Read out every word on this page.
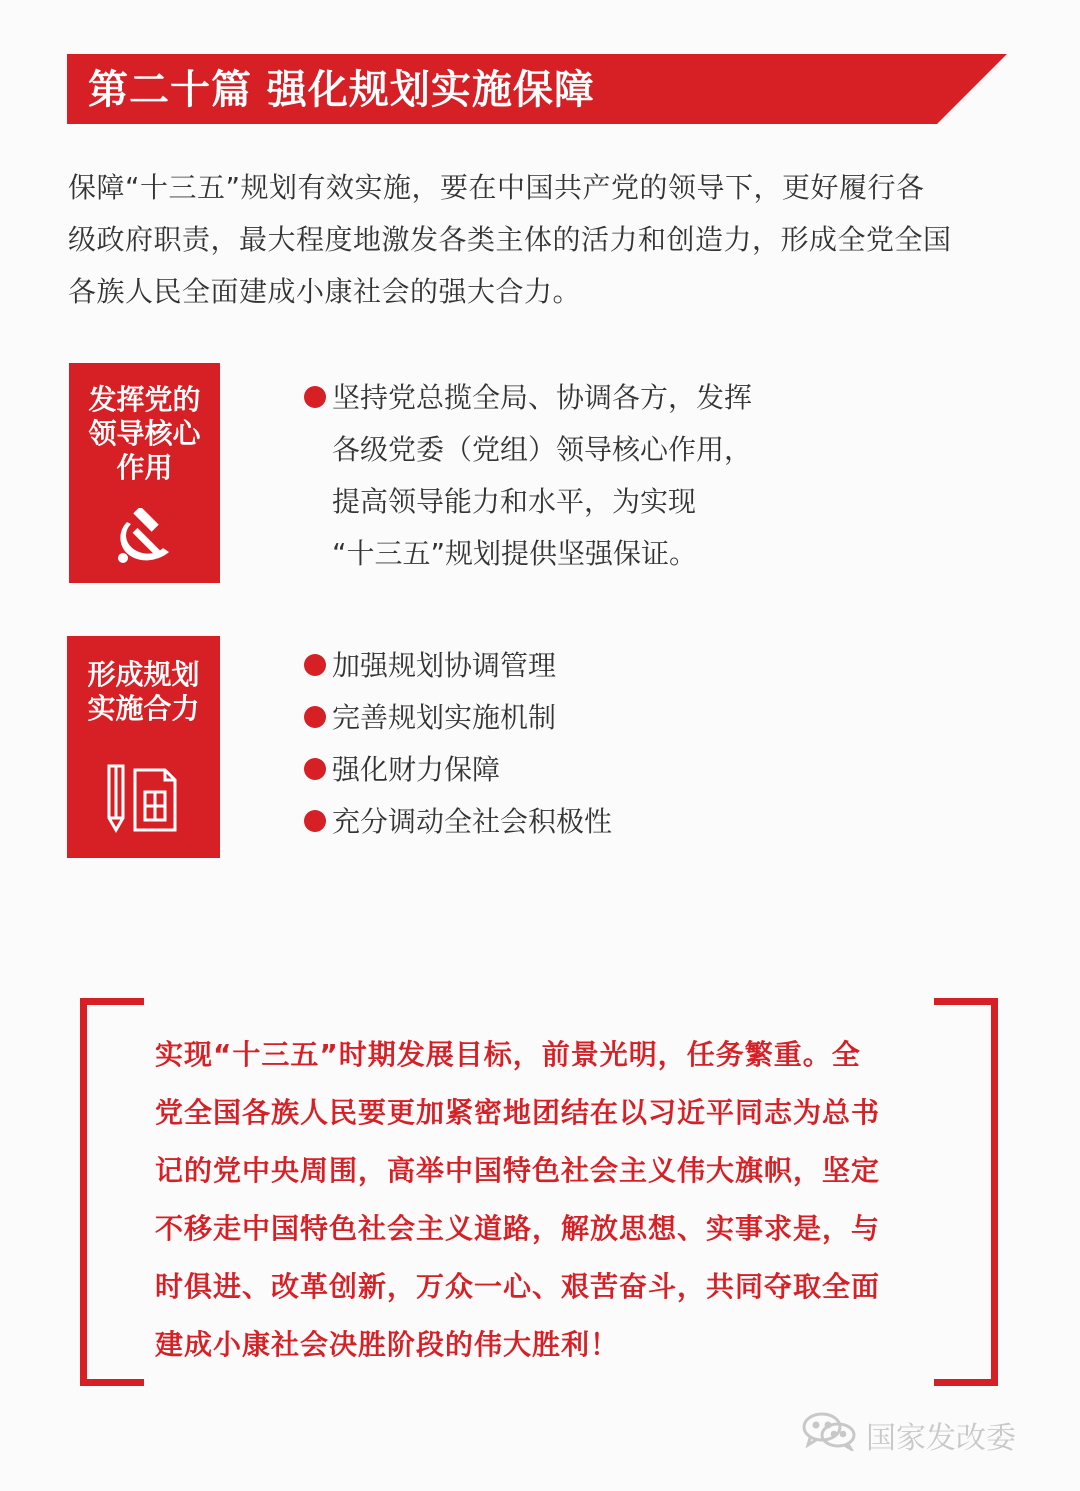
第二十篇 强化规划实施保障

保障“十三五”规划有效实施，要在中国共产党的领导下，更好履行各

级政府职责，最大程度地激发各类主体的活力和创造力，形成全党全国

各族人民全面建成小康社会的强大合力。

发挥党的
领导核心
作用
坚持党总揽全局、协调各方，发挥
各级党委（党组）领导核心作用，
提高领导能力和水平，为实现
“十三五”规划提供坚强保证。
形成规划
实施合力
加强规划协调管理
完善规划实施机制
强化财力保障
充分调动全社会积极性

实现“十三五”时期发展目标，前景光明，任务繁重。全

党全国各族人民要更加紧密地团结在以习近平同志为总书

记的党中央周围，高举中国特色社会主义伟大旗帜，坚定

不移走中国特色社会主义道路，解放思想、实事求是，与

时俱进、改革创新，万众一心、艰苦奋斗，共同夺取全面

建成小康社会决胜阶段的伟大胜利！

国家发改委
